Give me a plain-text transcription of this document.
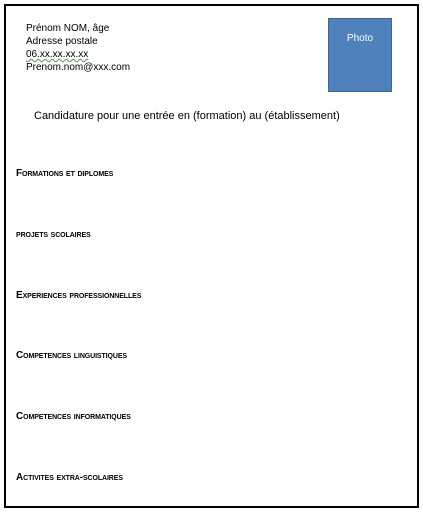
Prénom NOM, âge
Adresse postale
06.xx.xx.xx.xx
Prenom.nom@xxx.com
Photo
Candidature pour une entrée en (formation) au (établissement)
Formations et diplomes
projets scolaires
Experiences professionnelles
Competences linguistiques
Competences informatiques
Activites extra-scolaires
